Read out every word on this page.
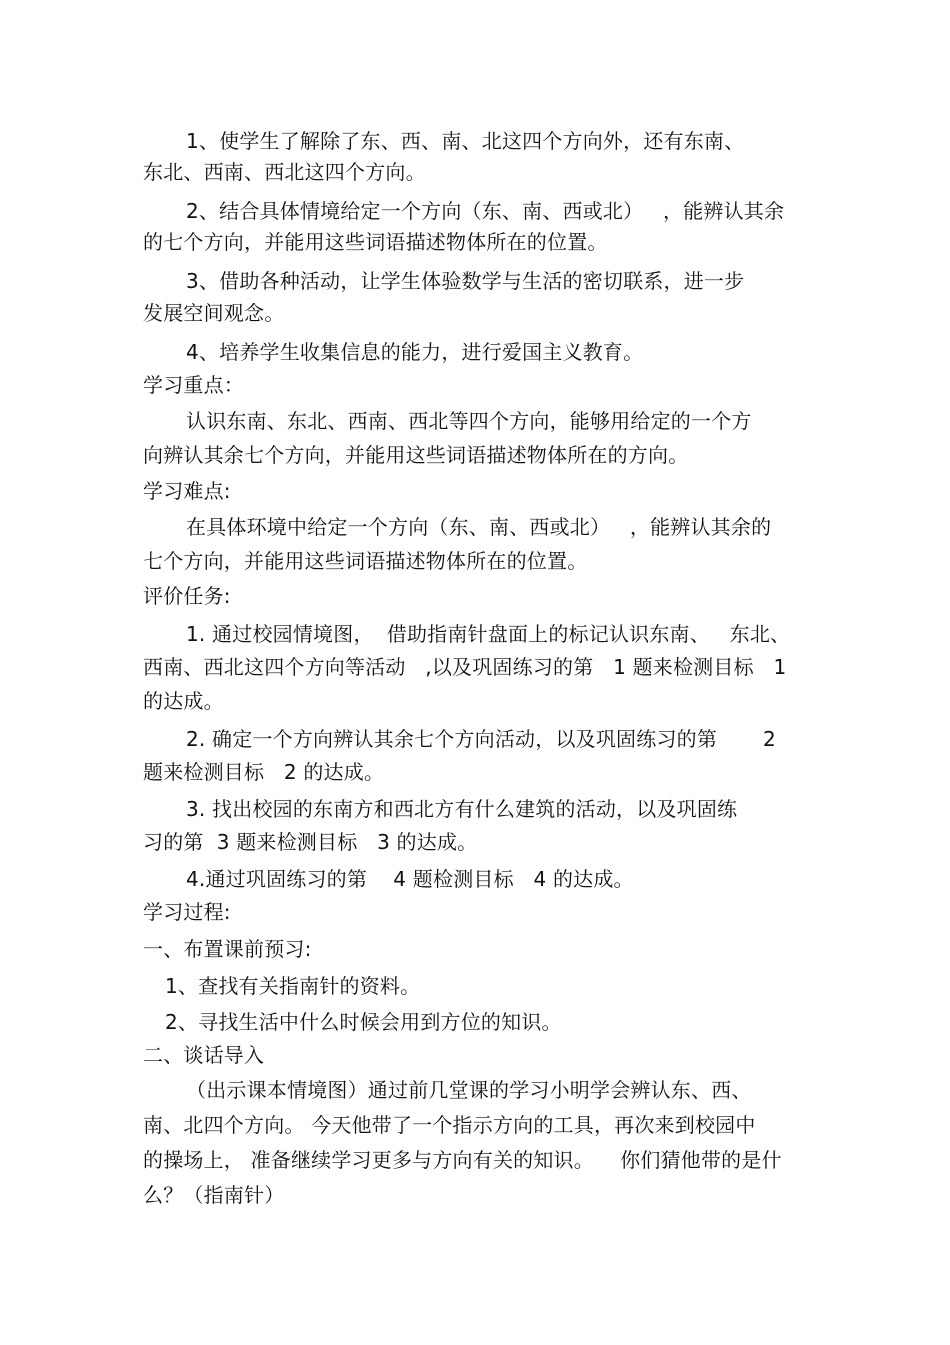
1、使学生了解除了东、西、南、北这四个方向外，还有东南、
东北、西南、西北这四个方向。
2、结合具体情境给定一个方向（东、南、西或北）   ，能辨认其余
的七个方向，并能用这些词语描述物体所在的位置。
3、借助各种活动，让学生体验数学与生活的密切联系，进一步
发展空间观念。
4、培养学生收集信息的能力，进行爱国主义教育。
学习重点：
认识东南、东北、西南、西北等四个方向，能够用给定的一个方
向辨认其余七个方向，并能用这些词语描述物体所在的方向。
学习难点:
在具体环境中给定一个方向（东、南、西或北）   ，能辨认其余的
七个方向，并能用这些词语描述物体所在的位置。
评价任务:
1. 通过校园情境图，  借助指南针盘面上的标记认识东南、   东北、
西南、西北这四个方向等活动   ,以及巩固练习的第   1 题来检测目标   1
的达成。
2. 确定一个方向辨认其余七个方向活动，以及巩固练习的第       2
题来检测目标   2 的达成。
3. 找出校园的东南方和西北方有什么建筑的活动，以及巩固练
习的第  3 题来检测目标   3 的达成。
4.通过巩固练习的第    4 题检测目标   4 的达成。
学习过程:
一、布置课前预习:
1、查找有关指南针的资料。
2、寻找生活中什么时候会用到方位的知识。
二、谈话导入
（出示课本情境图）通过前几堂课的学习小明学会辨认东、西、
南、北四个方向。 今天他带了一个指示方向的工具，再次来到校园中
的操场上， 准备继续学习更多与方向有关的知识。    你们猜他带的是什
么？（指南针）
